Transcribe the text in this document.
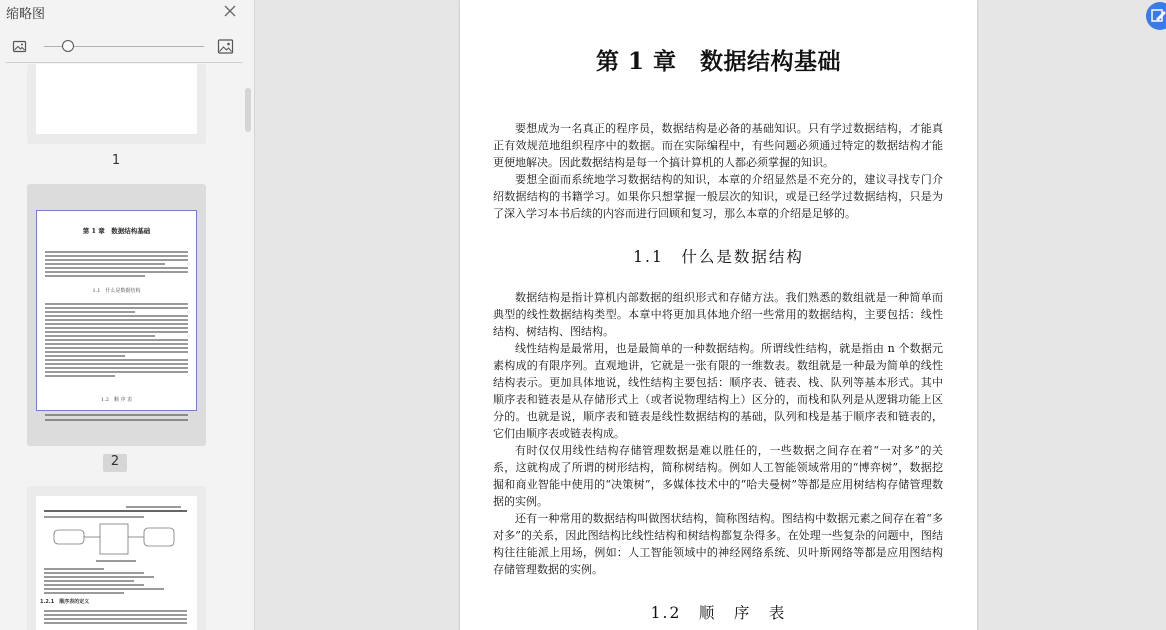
缩略图
1
第 1 章　数据结构基础
1.1　什么是数据结构
1.2　顺 序 表
2
1.2.1　顺序表的定义
第 1 章　数据结构基础

要想成为一名真正的程序员，数据结构是必备的基础知识。只有学过数据结构，才能真正有效规范地组织程序中的数据。而在实际编程中，有些问题必须通过特定的数据结构才能更便地解决。因此数据结构是每一个搞计算机的人都必须掌握的知识。

要想全面而系统地学习数据结构的知识，本章的介绍显然是不充分的，建议寻找专门介绍数据结构的书籍学习。如果你只想掌握一般层次的知识，或是已经学过数据结构，只是为了深入学习本书后续的内容而进行回顾和复习，那么本章的介绍是足够的。

1.1　什么是数据结构

数据结构是指计算机内部数据的组织形式和存储方法。我们熟悉的数组就是一种简单而典型的线性数据结构类型。本章中将更加具体地介绍一些常用的数据结构，主要包括：线性结构、树结构、图结构。

线性结构是最常用，也是最简单的一种数据结构。所谓线性结构，就是指由 n 个数据元素构成的有限序列。直观地讲，它就是一张有限的一维数表。数组就是一种最为简单的线性结构表示。更加具体地说，线性结构主要包括：顺序表、链表、栈、队列等基本形式。其中顺序表和链表是从存储形式上（或者说物理结构上）区分的，而栈和队列是从逻辑功能上区分的。也就是说，顺序表和链表是线性数据结构的基础，队列和栈是基于顺序表和链表的，它们由顺序表或链表构成。

有时仅仅用线性结构存储管理数据是难以胜任的，一些数据之间存在着“一对多”的关系，这就构成了所谓的树形结构，简称树结构。例如人工智能领域常用的“博弈树”，数据挖掘和商业智能中使用的“决策树”，多媒体技术中的“哈夫曼树”等都是应用树结构存储管理数据的实例。

还有一种常用的数据结构叫做图状结构，简称图结构。图结构中数据元素之间存在着“多对多”的关系，因此图结构比线性结构和树结构都复杂得多。在处理一些复杂的问题中，图结构往往能派上用场，例如：人工智能领域中的神经网络系统、贝叶斯网络等都是应用图结构存储管理数据的实例。

1.2　顺　序　表
